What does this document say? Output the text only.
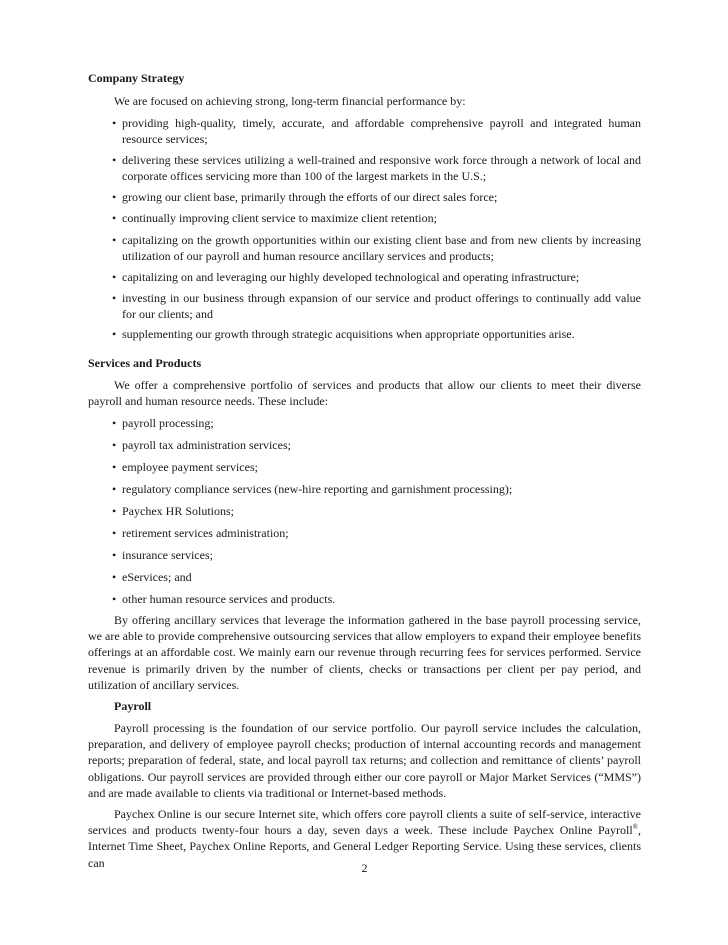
Company Strategy
We are focused on achieving strong, long-term financial performance by:
• providing high-quality, timely, accurate, and affordable comprehensive payroll and integrated human resource services;
• delivering these services utilizing a well-trained and responsive work force through a network of local and corporate offices servicing more than 100 of the largest markets in the U.S.;
• growing our client base, primarily through the efforts of our direct sales force;
• continually improving client service to maximize client retention;
• capitalizing on the growth opportunities within our existing client base and from new clients by increasing utilization of our payroll and human resource ancillary services and products;
• capitalizing on and leveraging our highly developed technological and operating infrastructure;
• investing in our business through expansion of our service and product offerings to continually add value for our clients; and
• supplementing our growth through strategic acquisitions when appropriate opportunities arise.
Services and Products
We offer a comprehensive portfolio of services and products that allow our clients to meet their diverse payroll and human resource needs. These include:
• payroll processing;
• payroll tax administration services;
• employee payment services;
• regulatory compliance services (new-hire reporting and garnishment processing);
• Paychex HR Solutions;
• retirement services administration;
• insurance services;
• eServices; and
• other human resource services and products.
By offering ancillary services that leverage the information gathered in the base payroll processing service, we are able to provide comprehensive outsourcing services that allow employers to expand their employee benefits offerings at an affordable cost. We mainly earn our revenue through recurring fees for services performed. Service revenue is primarily driven by the number of clients, checks or transactions per client per pay period, and utilization of ancillary services.
Payroll
Payroll processing is the foundation of our service portfolio. Our payroll service includes the calculation, preparation, and delivery of employee payroll checks; production of internal accounting records and management reports; preparation of federal, state, and local payroll tax returns; and collection and remittance of clients’ payroll obligations. Our payroll services are provided through either our core payroll or Major Market Services (“MMS”) and are made available to clients via traditional or Internet-based methods.
Paychex Online is our secure Internet site, which offers core payroll clients a suite of self-service, interactive services and products twenty-four hours a day, seven days a week. These include Paychex Online Payroll®, Internet Time Sheet, Paychex Online Reports, and General Ledger Reporting Service. Using these services, clients can	2
